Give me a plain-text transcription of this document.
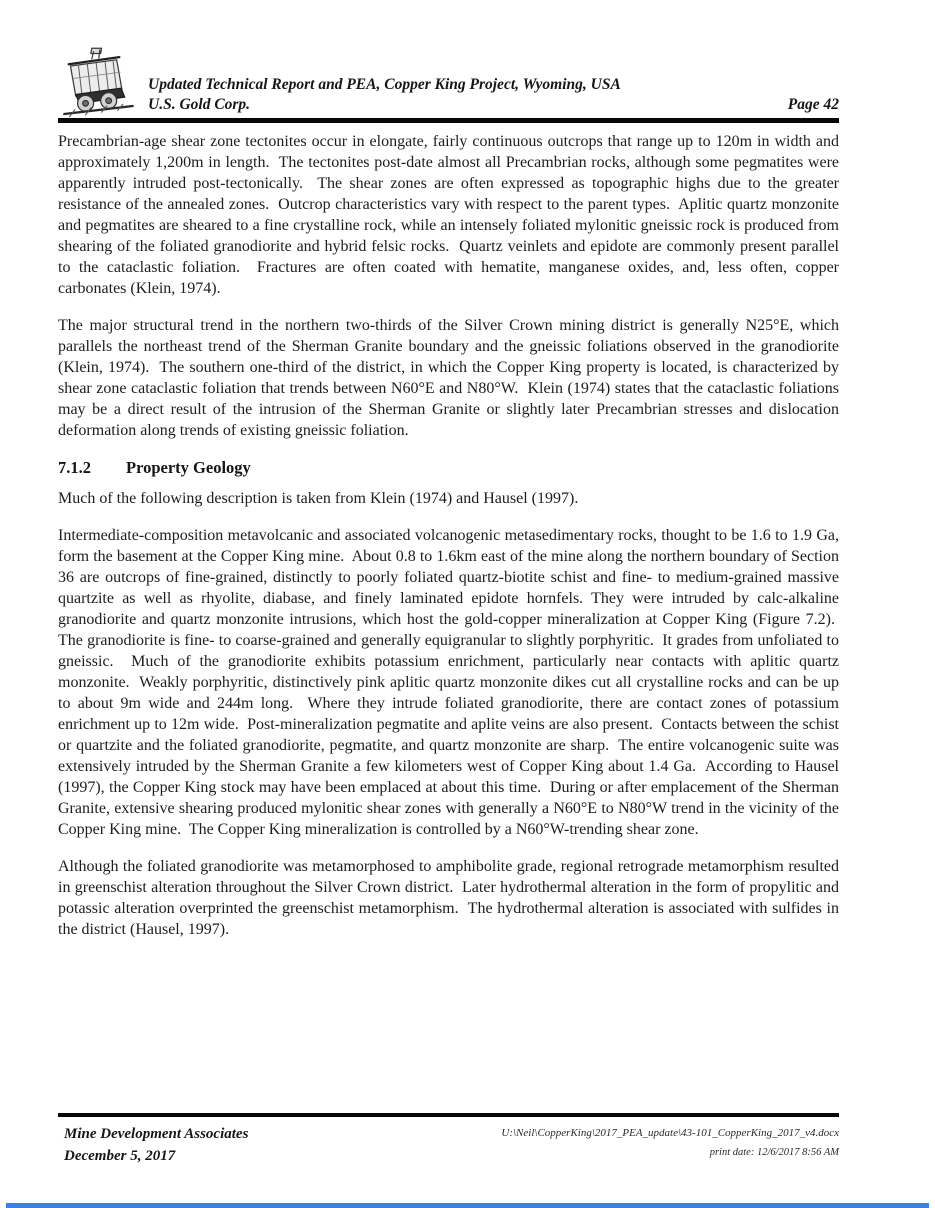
Updated Technical Report and PEA, Copper King Project, Wyoming, USA
U.S. Gold Corp.	Page 42

Precambrian-age shear zone tectonites occur in elongate, fairly continuous outcrops that range up to 120m in width and approximately 1,200m in length.  The tectonites post-date almost all Precambrian rocks, although some pegmatites were apparently intruded post-tectonically.  The shear zones are often expressed as topographic highs due to the greater resistance of the annealed zones.  Outcrop characteristics vary with respect to the parent types.  Aplitic quartz monzonite and pegmatites are sheared to a fine crystalline rock, while an intensely foliated mylonitic gneissic rock is produced from shearing of the foliated granodiorite and hybrid felsic rocks.  Quartz veinlets and epidote are commonly present parallel to the cataclastic foliation.  Fractures are often coated with hematite, manganese oxides, and, less often, copper carbonates (Klein, 1974).

The major structural trend in the northern two-thirds of the Silver Crown mining district is generally N25°E, which parallels the northeast trend of the Sherman Granite boundary and the gneissic foliations observed in the granodiorite (Klein, 1974).  The southern one-third of the district, in which the Copper King property is located, is characterized by shear zone cataclastic foliation that trends between N60°E and N80°W.  Klein (1974) states that the cataclastic foliations may be a direct result of the intrusion of the Sherman Granite or slightly later Precambrian stresses and dislocation deformation along trends of existing gneissic foliation.

7.1.2 Property Geology

Much of the following description is taken from Klein (1974) and Hausel (1997).

Intermediate-composition metavolcanic and associated volcanogenic metasedimentary rocks, thought to be 1.6 to 1.9 Ga, form the basement at the Copper King mine.  About 0.8 to 1.6km east of the mine along the northern boundary of Section 36 are outcrops of fine-grained, distinctly to poorly foliated quartz-biotite schist and fine- to medium-grained massive quartzite as well as rhyolite, diabase, and finely laminated epidote hornfels. They were intruded by calc-alkaline granodiorite and quartz monzonite intrusions, which host the gold-copper mineralization at Copper King (Figure 7.2).  The granodiorite is fine- to coarse-grained and generally equigranular to slightly porphyritic.  It grades from unfoliated to gneissic.  Much of the granodiorite exhibits potassium enrichment, particularly near contacts with aplitic quartz monzonite.  Weakly porphyritic, distinctively pink aplitic quartz monzonite dikes cut all crystalline rocks and can be up to about 9m wide and 244m long.  Where they intrude foliated granodiorite, there are contact zones of potassium enrichment up to 12m wide.  Post-mineralization pegmatite and aplite veins are also present.  Contacts between the schist or quartzite and the foliated granodiorite, pegmatite, and quartz monzonite are sharp.  The entire volcanogenic suite was extensively intruded by the Sherman Granite a few kilometers west of Copper King about 1.4 Ga.  According to Hausel (1997), the Copper King stock may have been emplaced at about this time.  During or after emplacement of the Sherman Granite, extensive shearing produced mylonitic shear zones with generally a N60°E to N80°W trend in the vicinity of the Copper King mine.  The Copper King mineralization is controlled by a N60°W-trending shear zone.

Although the foliated granodiorite was metamorphosed to amphibolite grade, regional retrograde metamorphism resulted in greenschist alteration throughout the Silver Crown district.  Later hydrothermal alteration in the form of propylitic and potassic alteration overprinted the greenschist metamorphism.  The hydrothermal alteration is associated with sulfides in the district (Hausel, 1997).

Mine Development Associates
December 5, 2017
U:\Neil\CopperKing\2017_PEA_update\43-101_CopperKing_2017_v4.docx
print date: 12/6/2017 8:56 AM
